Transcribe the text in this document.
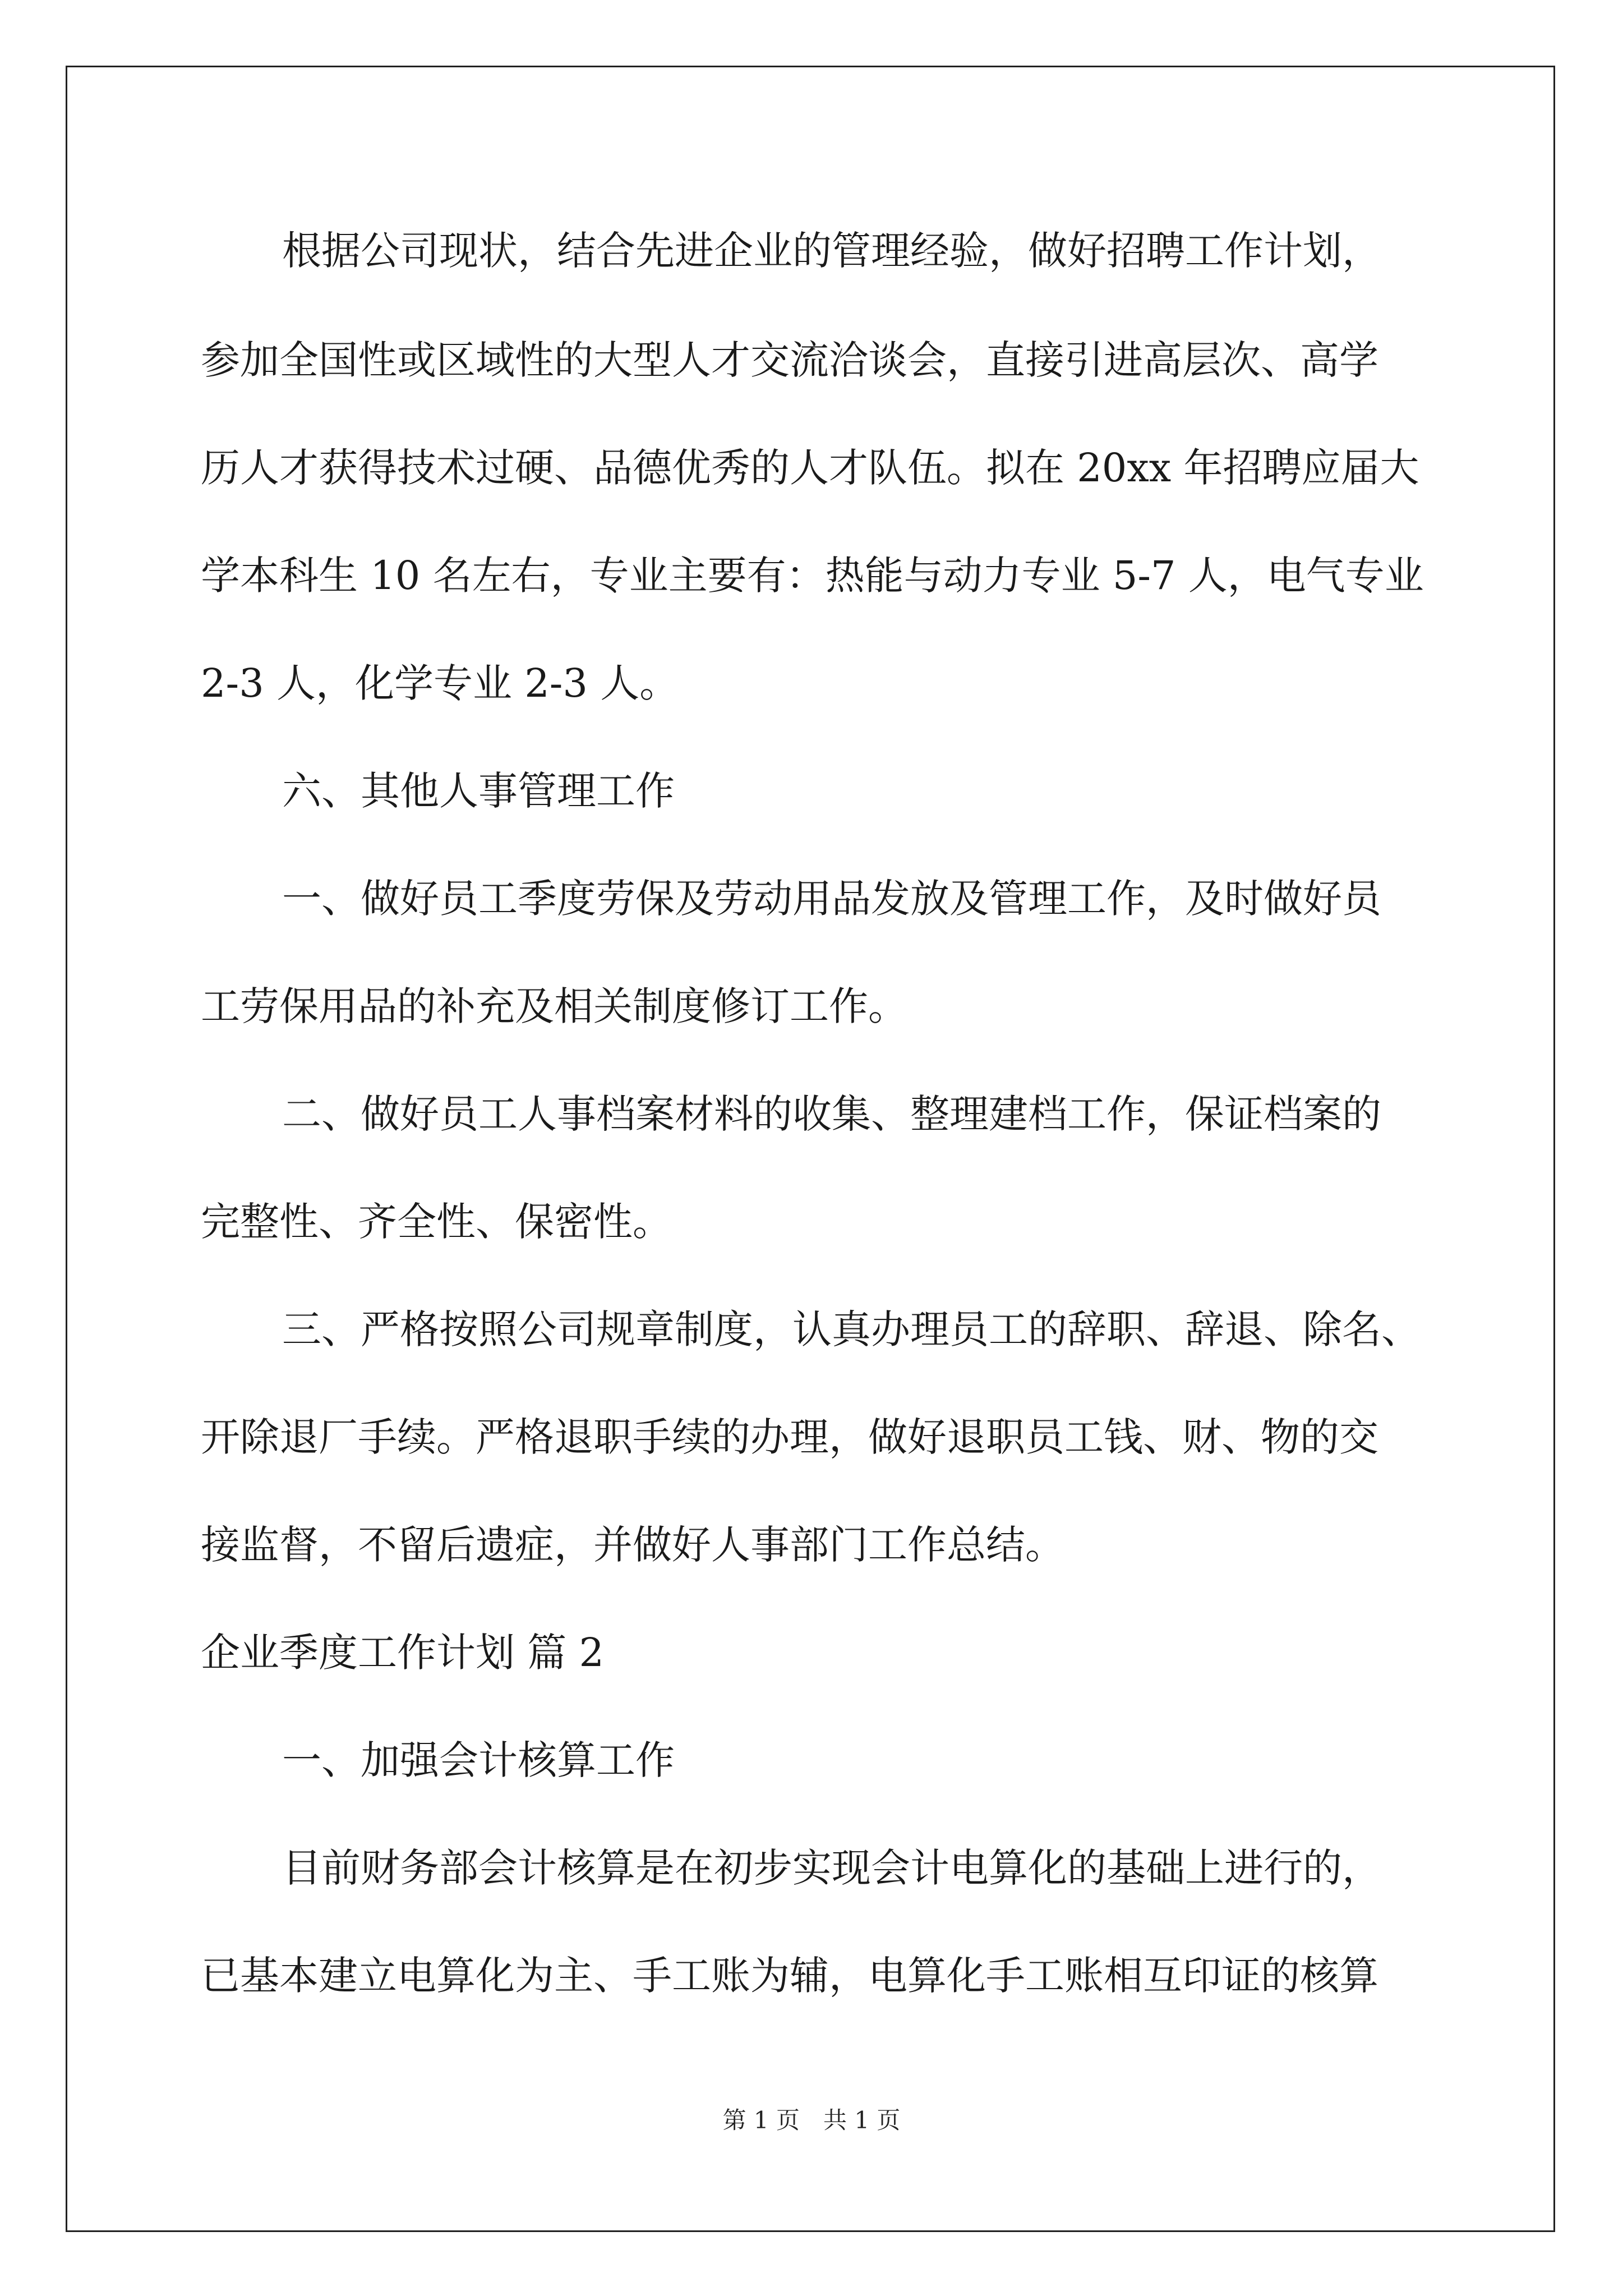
根据公司现状，结合先进企业的管理经验，做好招聘工作计划，
参加全国性或区域性的大型人才交流洽谈会，直接引进高层次、高学
历人才获得技术过硬、品德优秀的人才队伍。拟在 20xx 年招聘应届大
学本科生 10 名左右，专业主要有：热能与动力专业 5-7 人，电气专业
2-3 人，化学专业 2-3 人。
六、其他人事管理工作
一、做好员工季度劳保及劳动用品发放及管理工作，及时做好员
工劳保用品的补充及相关制度修订工作。
二、做好员工人事档案材料的收集、整理建档工作，保证档案的
完整性、齐全性、保密性。
三、严格按照公司规章制度，认真办理员工的辞职、辞退、除名、
开除退厂手续。严格退职手续的办理，做好退职员工钱、财、物的交
接监督，不留后遗症，并做好人事部门工作总结。
企业季度工作计划 篇 2
一、加强会计核算工作
目前财务部会计核算是在初步实现会计电算化的基础上进行的，
已基本建立电算化为主、手工账为辅，电算化手工账相互印证的核算
第 1 页　共 1 页
